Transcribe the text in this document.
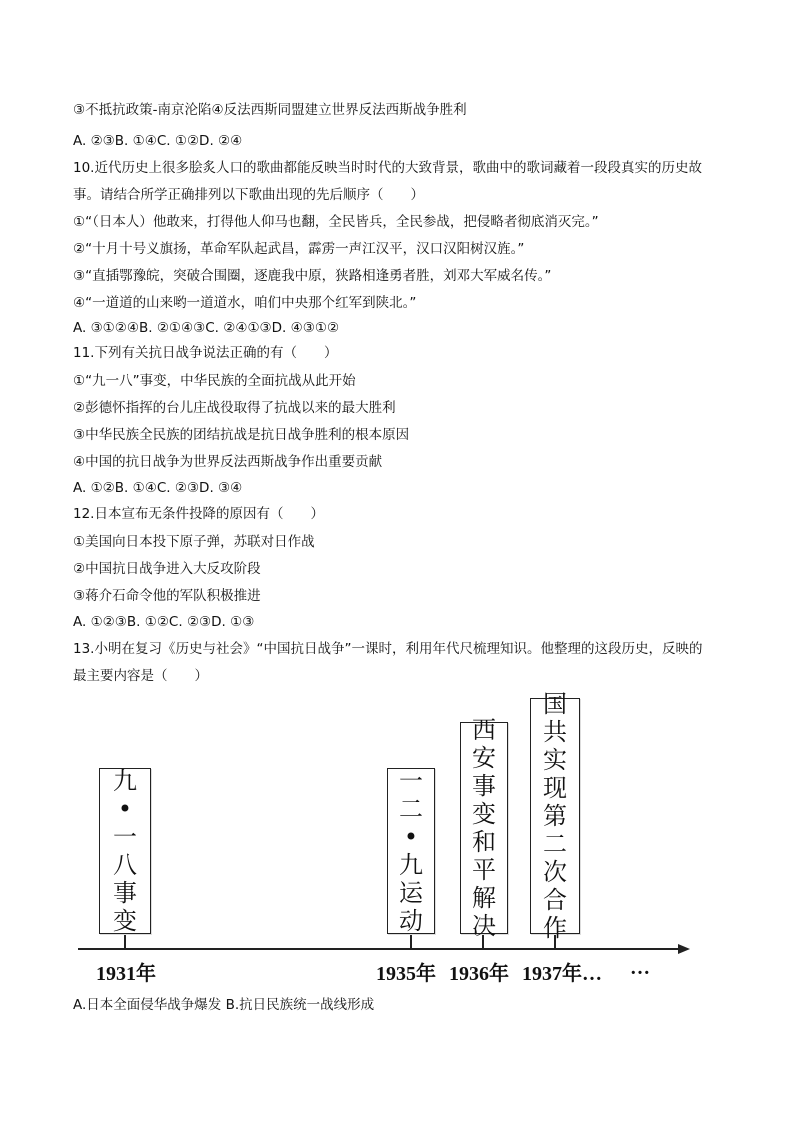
③不抵抗政策-南京沦陷④反法西斯同盟建立世界反法西斯战争胜利
A. ②③B. ①④C. ①②D. ②④
10.近代历史上很多脍炙人口的歌曲都能反映当时时代的大致背景，歌曲中的歌词藏着一段段真实的历史故
事。请结合所学正确排列以下歌曲出现的先后顺序（　　）
①“（日本人）他敢来，打得他人仰马也翻，全民皆兵，全民参战，把侵略者彻底消灭完。”
②“十月十号义旗扬，革命军队起武昌，霹雳一声江汉平，汉口汉阳树汉旌。”
③“直插鄂豫皖，突破合围圈，逐鹿我中原，狭路相逢勇者胜，刘邓大军威名传。”
④“一道道的山来哟一道道水，咱们中央那个红军到陕北。”
A. ③①②④B. ②①④③C. ②④①③D. ④③①②
11.下列有关抗日战争说法正确的有（　　）
①“九一八”事变，中华民族的全面抗战从此开始
②彭德怀指挥的台儿庄战役取得了抗战以来的最大胜利
③中华民族全民族的团结抗战是抗日战争胜利的根本原因
④中国的抗日战争为世界反法西斯战争作出重要贡献
A. ①②B. ①④C. ②③D. ③④
12.日本宣布无条件投降的原因有（　　）
①美国向日本投下原子弹，苏联对日作战
②中国抗日战争进入大反攻阶段
③蒋介石命令他的军队积极推进
A. ①②③B. ①②C. ②③D. ①③
13.小明在复习《历史与社会》“中国抗日战争”一课时，利用年代尺梳理知识。他整理的这段历史，反映的
最主要内容是（　　）
九
•
一
八
事
变
一
二
•
九
运
动
西
安
事
变
和
平
解
决
国
共
实
现
第
二
次
合
作
1931年	1935年 1936年 1937年… …
A.日本全面侵华战争爆发 B.抗日民族统一战线形成
